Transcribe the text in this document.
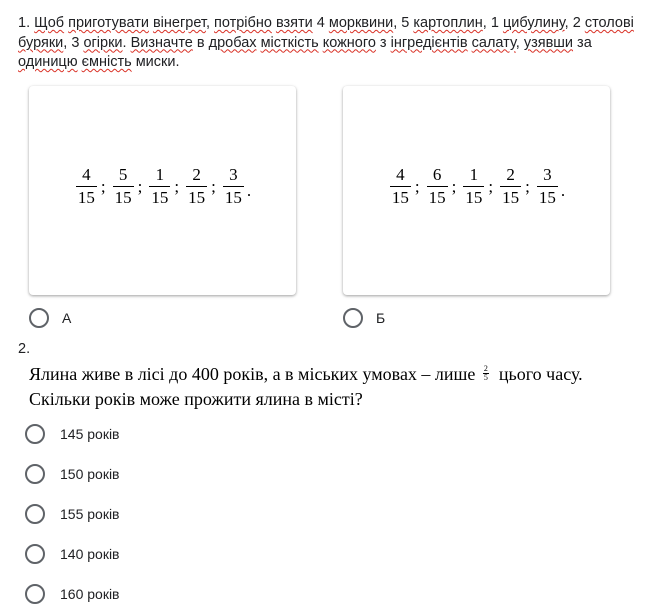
1. Щоб приготувати вінегрет, потрібно взяти 4 морквини, 5 картоплин, 1 цибулину, 2 столові буряки, 3 огірки. Визначте в дробах місткість кожного з інгредієнтів салату, узявши за одиницю ємність миски.
$\frac{4}{15}$ ; $\frac{5}{15}$ ; $\frac{1}{15}$ ; $\frac{2}{15}$ ; $\frac{3}{15}$ .	$\frac{4}{15}$ ; $\frac{6}{15}$ ; $\frac{1}{15}$ ; $\frac{2}{15}$ ; $\frac{3}{15}$ .
А	Б
2.
Ялина живе в лісі до 400 років, а в міських умовах – лише $\frac{2}{5}$ цього часу. Скільки років може прожити ялина в місті?
145 років
150 років
155 років
140 років
160 років
